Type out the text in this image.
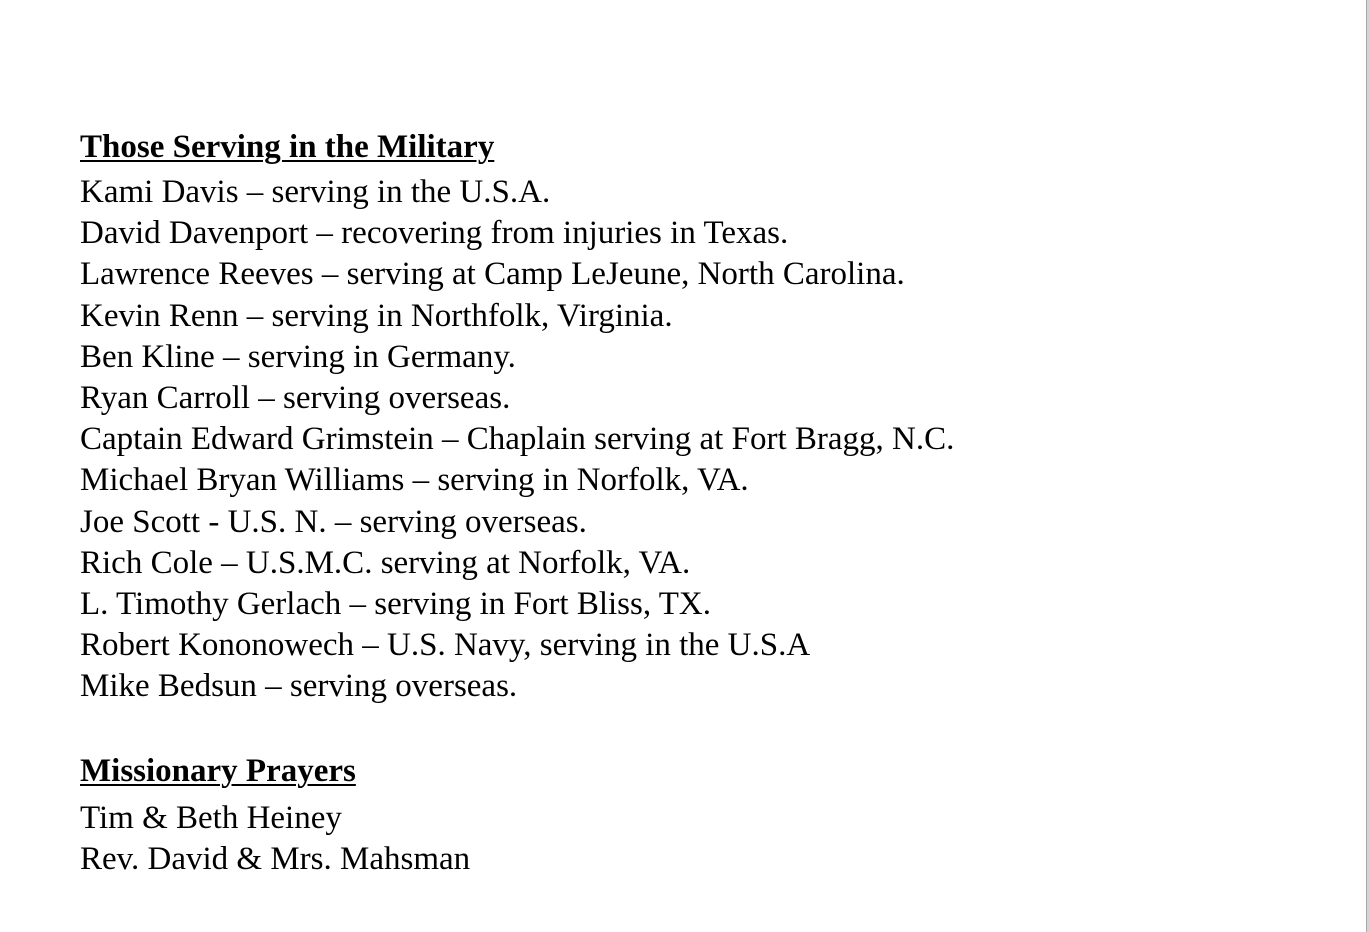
Those Serving in the Military
Kami Davis – serving in the U.S.A.
David Davenport – recovering from injuries in Texas.
Lawrence Reeves – serving at Camp LeJeune, North Carolina.
Kevin Renn – serving in Northfolk, Virginia.
Ben Kline – serving in Germany.
Ryan Carroll – serving overseas.
Captain Edward Grimstein – Chaplain serving at Fort Bragg, N.C.
Michael Bryan Williams – serving in Norfolk, VA.
Joe Scott - U.S. N. – serving overseas.
Rich Cole – U.S.M.C. serving at Norfolk, VA.
L. Timothy Gerlach – serving in Fort Bliss, TX.
Robert Kononowech – U.S. Navy, serving in the U.S.A
Mike Bedsun – serving overseas.
Missionary Prayers
Tim & Beth Heiney
Rev. David & Mrs. Mahsman
